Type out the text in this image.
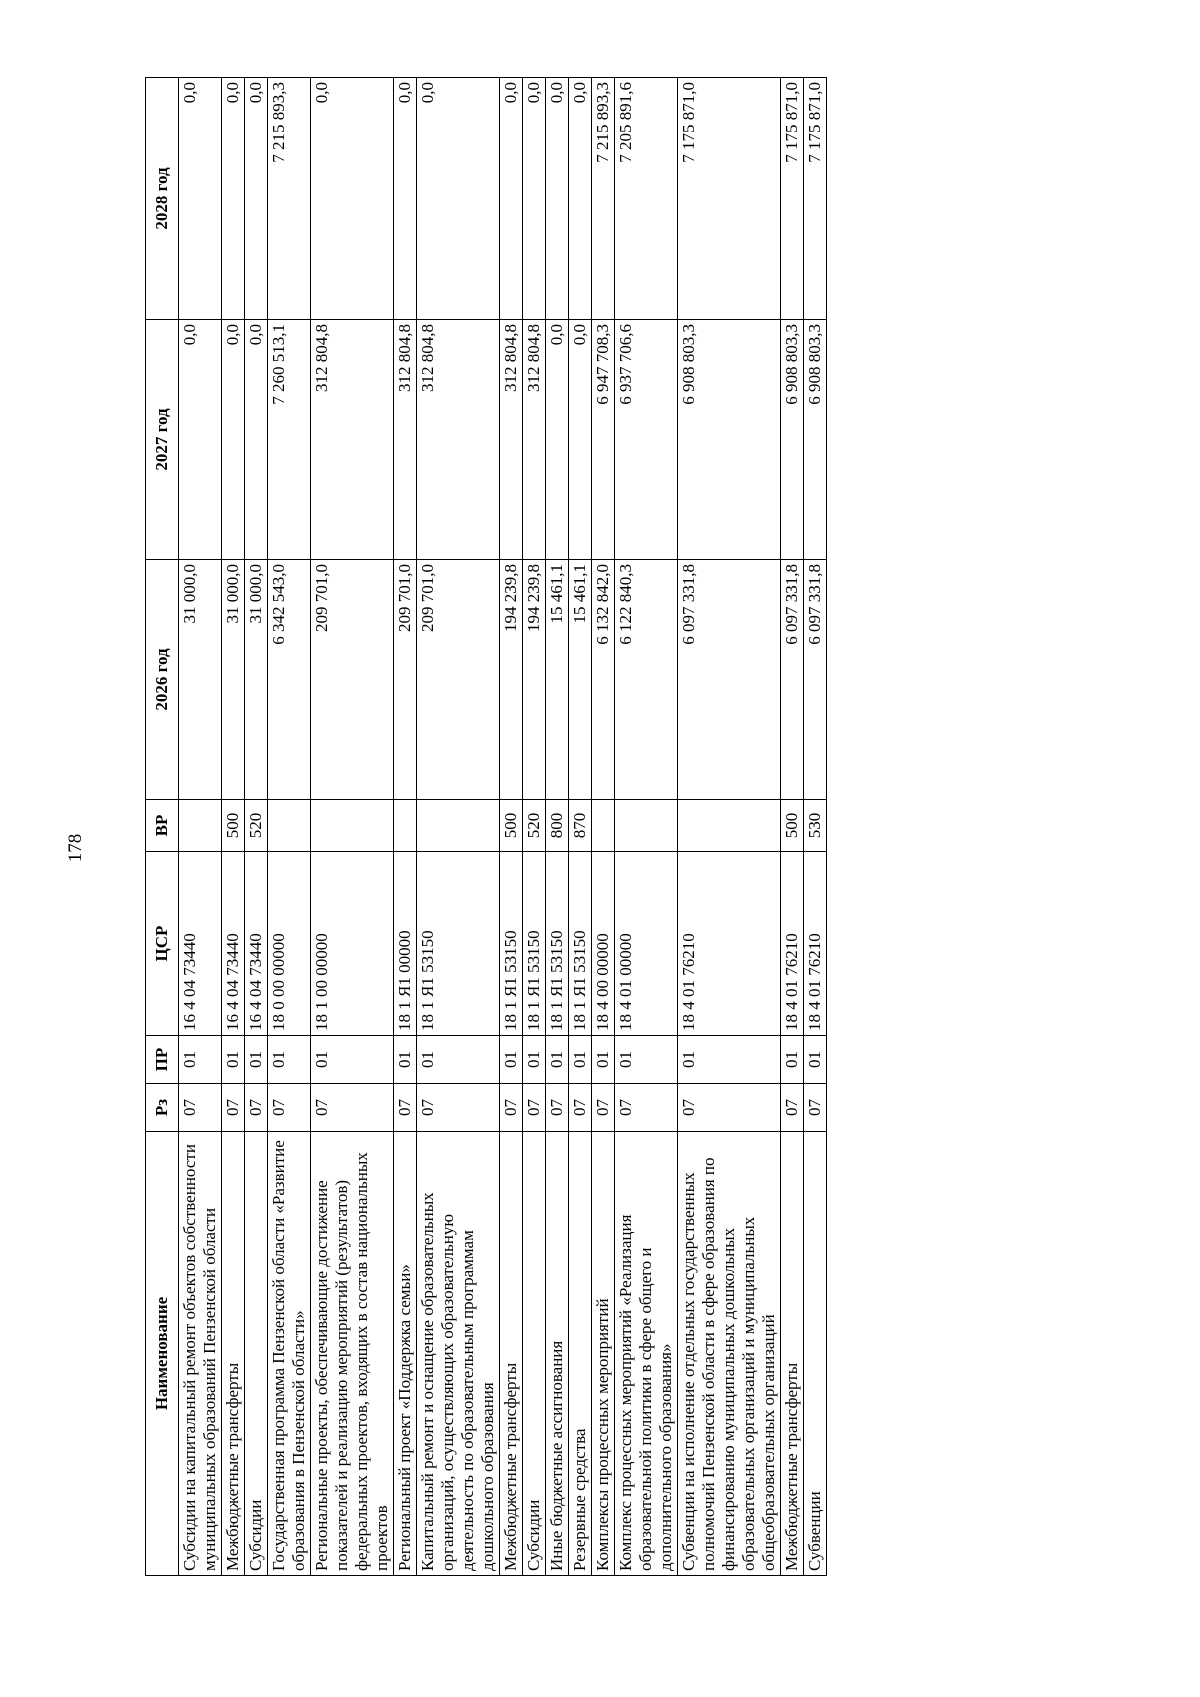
178
Наименование	Рз	ПР	ЦСР	ВР	2026 год	2027 год	2028 год
Субсидии на капитальный ремонт объектов собственности муниципальных образований Пензенской области	07	01	16 4 04 73440		31 000,0	0,0	0,0
Межбюджетные трансферты	07	01	16 4 04 73440	500	31 000,0	0,0	0,0
Субсидии	07	01	16 4 04 73440	520	31 000,0	0,0	0,0
Государственная программа Пензенской области «Развитие образования в Пензенской области»	07	01	18 0 00 00000		6 342 543,0	7 260 513,1	7 215 893,3
Региональные проекты, обеспечивающие достижение показателей и реализацию мероприятий (результатов) федеральных проектов, входящих в состав национальных проектов	07	01	18 1 00 00000		209 701,0	312 804,8	0,0
Региональный проект «Поддержка семьи»	07	01	18 1 Я1 00000		209 701,0	312 804,8	0,0
Капитальный ремонт и оснащение образовательных организаций, осуществляющих образовательную деятельность по образовательным программам дошкольного образования	07	01	18 1 Я1 53150		209 701,0	312 804,8	0,0
Межбюджетные трансферты	07	01	18 1 Я1 53150	500	194 239,8	312 804,8	0,0
Субсидии	07	01	18 1 Я1 53150	520	194 239,8	312 804,8	0,0
Иные бюджетные ассигнования	07	01	18 1 Я1 53150	800	15 461,1	0,0	0,0
Резервные средства	07	01	18 1 Я1 53150	870	15 461,1	0,0	0,0
Комплексы процессных мероприятий	07	01	18 4 00 00000		6 132 842,0	6 947 708,3	7 215 893,3
Комплекс процессных мероприятий «Реализация образовательной политики в сфере общего и дополнительного образования»	07	01	18 4 01 00000		6 122 840,3	6 937 706,6	7 205 891,6
Субвенции на исполнение отдельных государственных полномочий Пензенской области в сфере образования по финансированию муниципальных дошкольных образовательных организаций и муниципальных общеобразовательных организаций	07	01	18 4 01 76210		6 097 331,8	6 908 803,3	7 175 871,0
Межбюджетные трансферты	07	01	18 4 01 76210	500	6 097 331,8	6 908 803,3	7 175 871,0
Субвенции	07	01	18 4 01 76210	530	6 097 331,8	6 908 803,3	7 175 871,0
